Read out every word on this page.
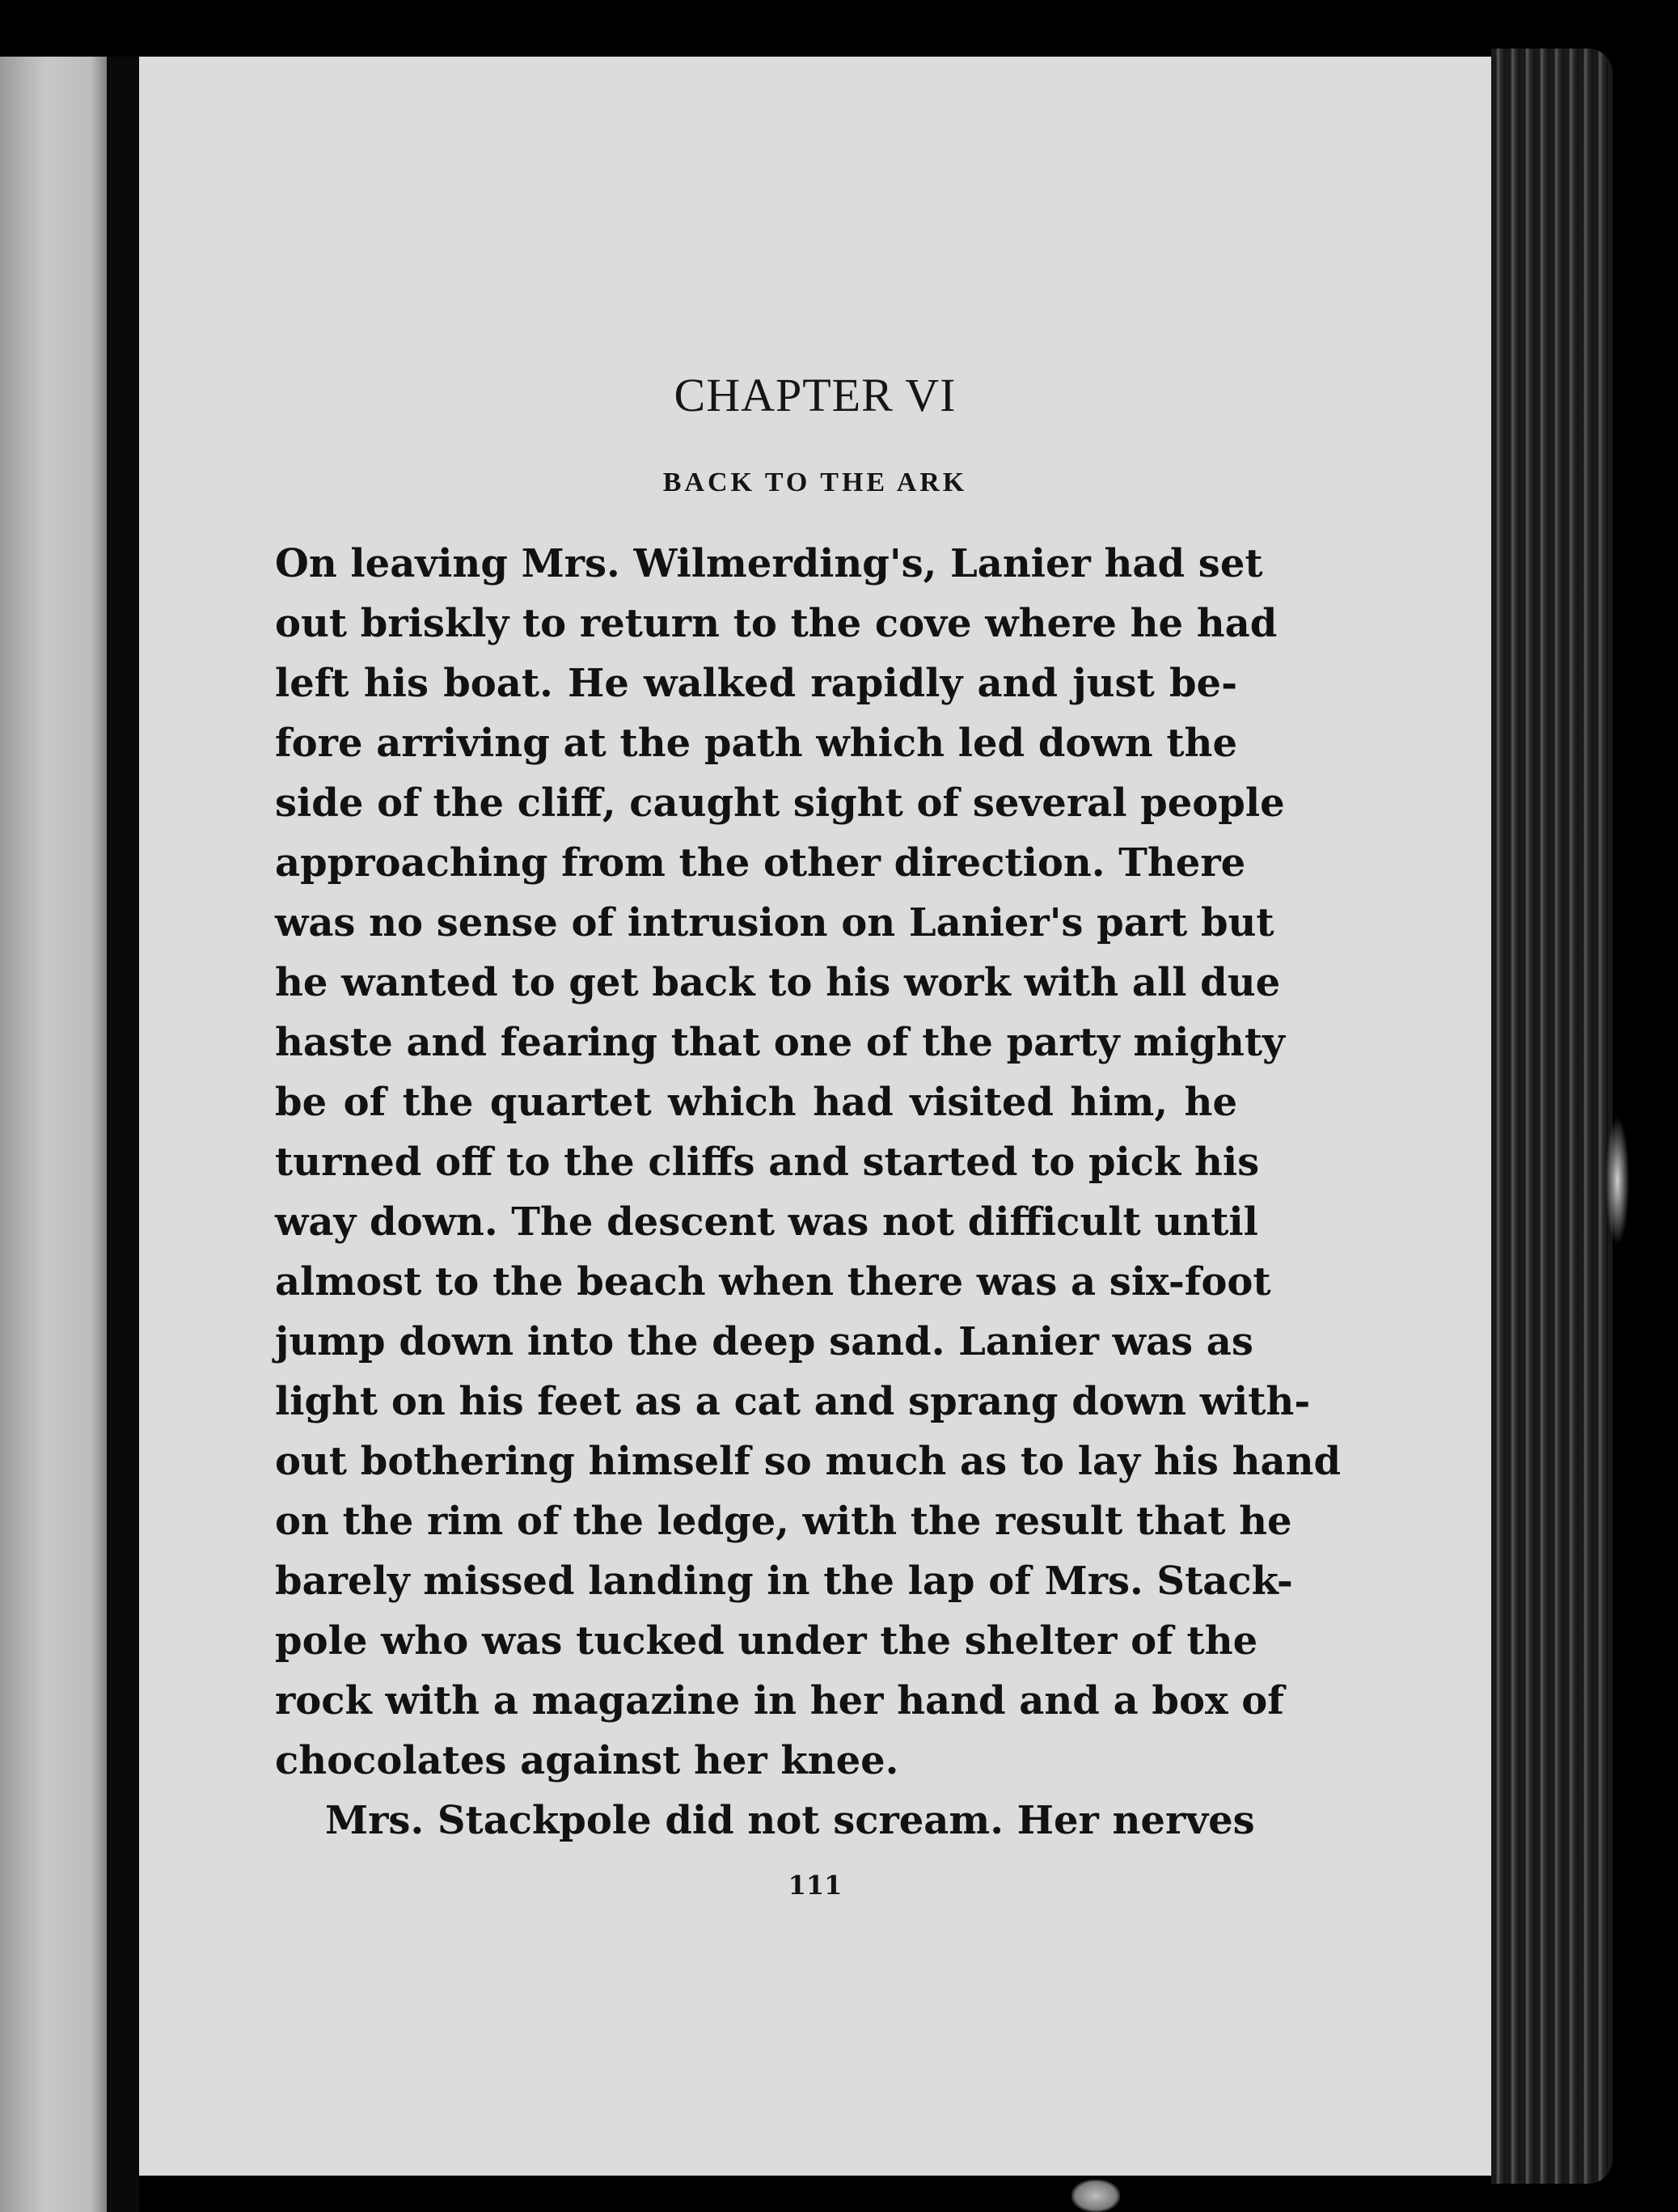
CHAPTER VI
BACK TO THE ARK
On leaving Mrs. Wilmerding's, Lanier had set
out briskly to return to the cove where he had
left his boat. He walked rapidly and just be-
fore arriving at the path which led down the
side of the cliff, caught sight of several people
approaching from the other direction. There
was no sense of intrusion on Lanier's part but
he wanted to get back to his work with all due
haste and fearing that one of the party mighty
be of the quartet which had visited him, he
turned off to the cliffs and started to pick his
way down. The descent was not difficult until
almost to the beach when there was a six-foot
jump down into the deep sand. Lanier was as
light on his feet as a cat and sprang down with-
out bothering himself so much as to lay his hand
on the rim of the ledge, with the result that he
barely missed landing in the lap of Mrs. Stack-
pole who was tucked under the shelter of the
rock with a magazine in her hand and a box of
chocolates against her knee.
Mrs. Stackpole did not scream. Her nerves
111
